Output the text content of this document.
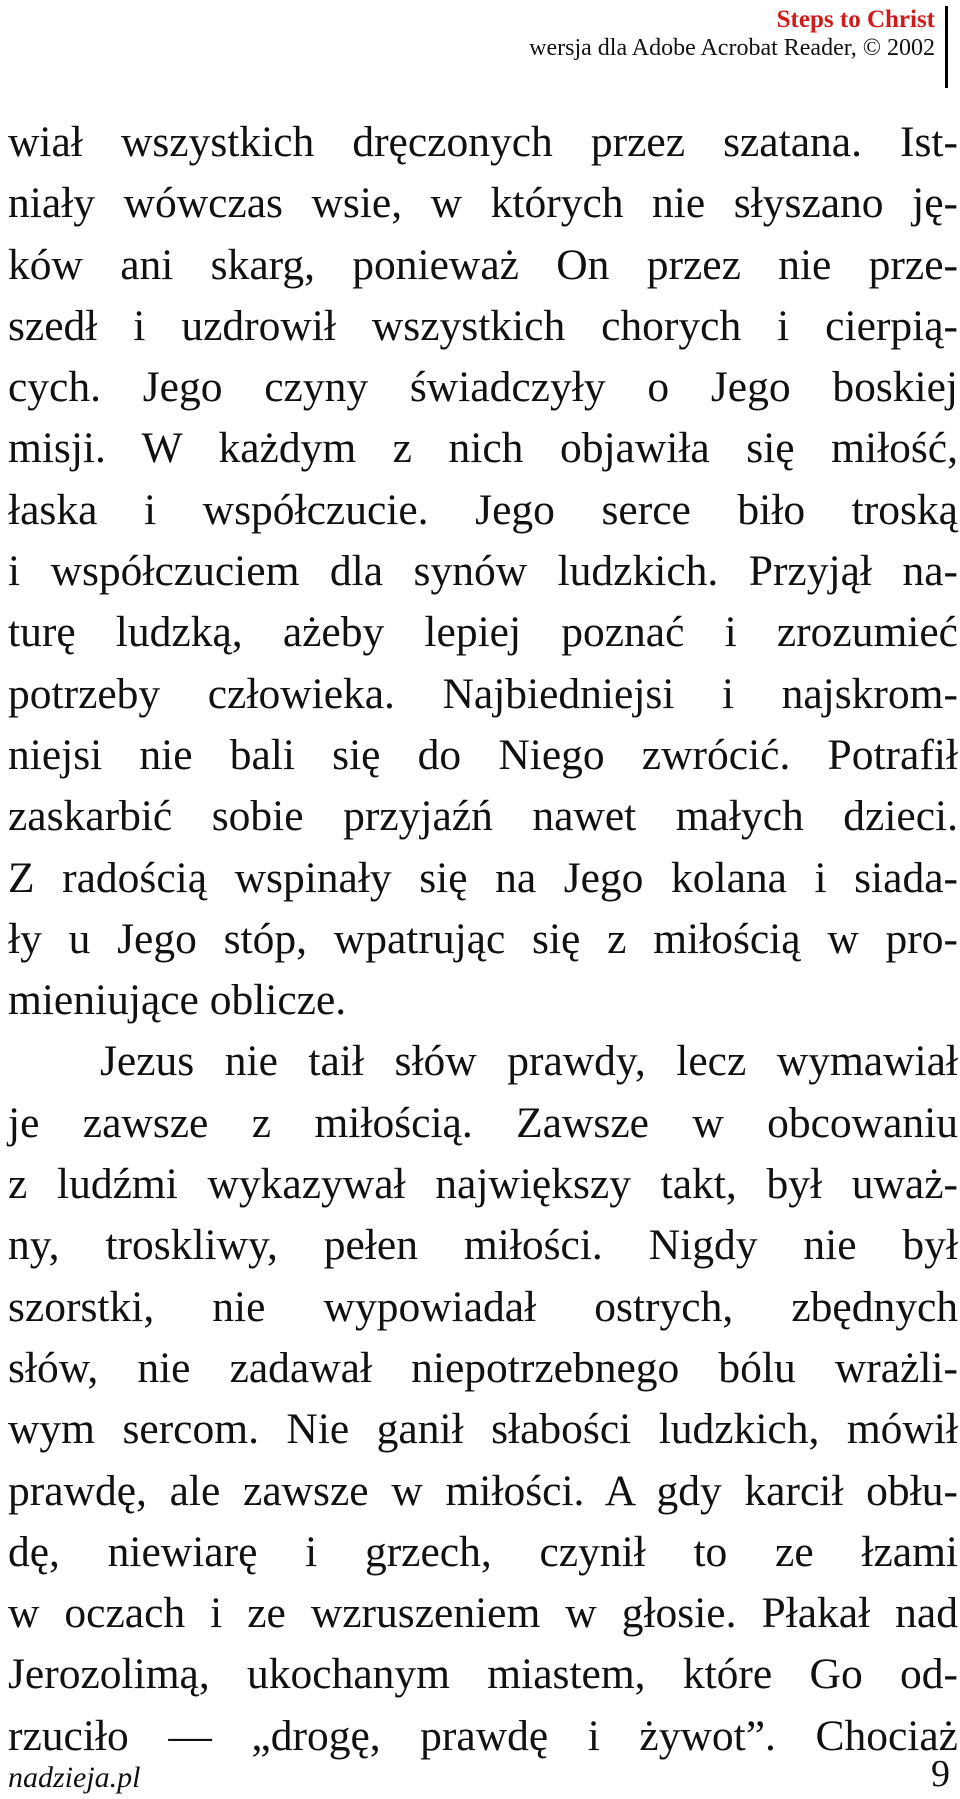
Steps to Christ
wersja dla Adobe Acrobat Reader, © 2002
wiał wszystkich dręczonych przez szatana. Ist-
niały wówczas wsie, w których nie słyszano ję-
ków ani skarg, ponieważ On przez nie prze-
szedł i uzdrowił wszystkich chorych i cierpią-
cych. Jego czyny świadczyły o Jego boskiej
misji. W każdym z nich objawiła się miłość,
łaska i współczucie. Jego serce biło troską
i współczuciem dla synów ludzkich. Przyjął na-
turę ludzką, ażeby lepiej poznać i zrozumieć
potrzeby człowieka. Najbiedniejsi i najskrom-
niejsi nie bali się do Niego zwrócić. Potrafił
zaskarbić sobie przyjaźń nawet małych dzieci.
Z radością wspinały się na Jego kolana i siada-
ły u Jego stóp, wpatrując się z miłością w pro-
mieniujące oblicze.
Jezus nie taił słów prawdy, lecz wymawiał
je zawsze z miłością. Zawsze w obcowaniu
z ludźmi wykazywał największy takt, był uważ-
ny, troskliwy, pełen miłości. Nigdy nie był
szorstki, nie wypowiadał ostrych, zbędnych
słów, nie zadawał niepotrzebnego bólu wrażli-
wym sercom. Nie ganił słabości ludzkich, mówił
prawdę, ale zawsze w miłości. A gdy karcił obłu-
dę, niewiarę i grzech, czynił to ze łzami
w oczach i ze wzruszeniem w głosie. Płakał nad
Jerozolimą, ukochanym miastem, które Go od-
rzuciło — „drogę, prawdę i żywot”. Chociaż
nadzieja.pl	9
